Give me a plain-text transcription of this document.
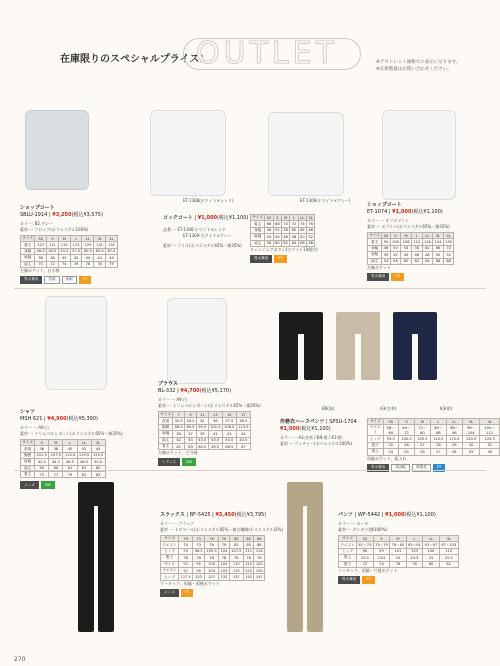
在庫限りのスペシャルプライス!
OUTLET	※アウトレット価格での表示になります。
※在庫数量はお問い合わせください。
ショップコート
SBLU-1914 | ¥3,250(税込¥3,575)
カラー: B2.グレー
素材 ··· ブロック(ポリエステル100%)
サイズ	SS	S	M	L	LL	3L	4L
着丈	127	111	115	115	125	131	132
身幅	46.5	49.5	53.5	57.5	60.5	63.5	67.5
肩幅	38	38	40	42	44	44	44
袖丈	70	72	74	76	78	78	79
左胸ポケット、右小物
男女兼用	抗菌	高耐	F5
ET-1308(ホワイト×レッド)
コックコート | ¥1,000(税込¥1,100)
品番 ··· ET-1308:ホワイト×レッド
ET-1309:ホワイト×グレー
素材 ··· ツイル(ポリエステル65%・綿35%)
ET-1309(ホワイト×グレー)
サイズ	SS	S	M	L	LL	3L
着丈	66	68	70	72	74	76
身幅	48	52	56	60	64	68
肩幅	42	44	46	48	50	52
袖丈	58	60	62	64	66	68
チェンジングボタン(ホワイト10個付)
男女兼用	F5
ショップコート
ET-1074 | ¥1,000(税込¥1,100)
カラー ··· オフホワイト
素材 ··· ポプリン(ポリエステル65%・綿35%)
サイズ	SS	S	M	L	LL	3L	4L
着丈	90	100	108	112	116	124	130
身幅	46	50	54	58	62	66	70
肩幅	39	42	44	46	48	50	52
袖丈	54	58	60	62	64	66	68
左胸ポケット
男女兼用	F5
シャツ
MSH 621 | ¥4,900(税込¥5,390)
カラー ··· A9.白
素材 ··· トリムベルシボーン(ポリエステル65%・綿35%)
サイズ	S	M	L	LL	3L
首周	36	38	40	42	44
胸囲	101.5	107.5	113.5	119.5	125.5
肩幅	42.5	44.5	46.5	48.5	50.5
袖丈	59	60	61	61	62
着丈	75	77	79	81	83
メンズ	SW
ブラウス
BL-332 | ¥4,700(税込¥5,170)
カラー ··· A9.白
素材 ··· トリムベルシボーン(ポリエステル65%・綿35%)
サイズ	7	9	11	13	15	17
首周	32.5	34.5	35	36	37.5	38.5
胸囲	86.5	89.5	99.5	102.5	108.5	113.5
肩幅	36	37	39	41	43	44
袖丈	42	43	43.5	43.5	43.5	43.5
着丈	62	63	64.5	65.5	66.5	67
左胸ポケット、七分袖
レディス	SW
B9(黒)	A3(杢茶)	K3(紺)
作務衣ハーフパンツ | SPSU-1704
¥1,000(税込¥1,100)
カラー ··· A3:杢茶 / B9:黒 / K3:紺
素材 ··· ブッチャー(ポリエステル100%)
サイズ	SS	S	M	L	LL	3L	4L
ウエスト	56〜64	64〜72	72〜80	80〜88	88〜96	96〜104	104〜112
ヒップ	93.5	100.5	105.5	110.5	115.5	120.5	125.5
股下	25	26	27	28	29	30	31
股上	24	25	26	27	28	29	30
両脇ポケット、紐入れ
男女兼用	高速乾	制電性	F5
スラックス | BF-5425 | ¥3,450(税込¥3,795)
カラー ··· ブラック
素材 ··· トロマール(ポリエステル95%・複合繊維(ポリエステル)5%)
サイズ	70	73	76	79	82	85	88
ウエスト	70	73	76	79	82	85	88
ヒップ	93	96.5	100.5	104	107.5	111	114
股下	78	78	78	78	78	78	78
サイズ	91	95	100	105	110	115	120
ウエスト	91	95	100	105	110	115	120
ヒップ	117.5	122	127	132	137	142	147
ツータック、両脇・両後ポケット
メンズ	F5
パンツ | WF-5442 | ¥1,000(税込¥1,100)
カラー ··· カーキ
素材 ··· ダンガリ(綿100%)
サイズ	SS	S	M	L	LL	3L
ウエスト	67〜73	73〜79	79〜85	85〜91	91〜97	97〜103
ヒップ	96	99	101	103	106	110
股上	23.5	23.5	24	24.5	25	25.5
股下	72	74	76	78	80	82
ノータック、両脇・片後ポケット
男女兼用	F5
270
